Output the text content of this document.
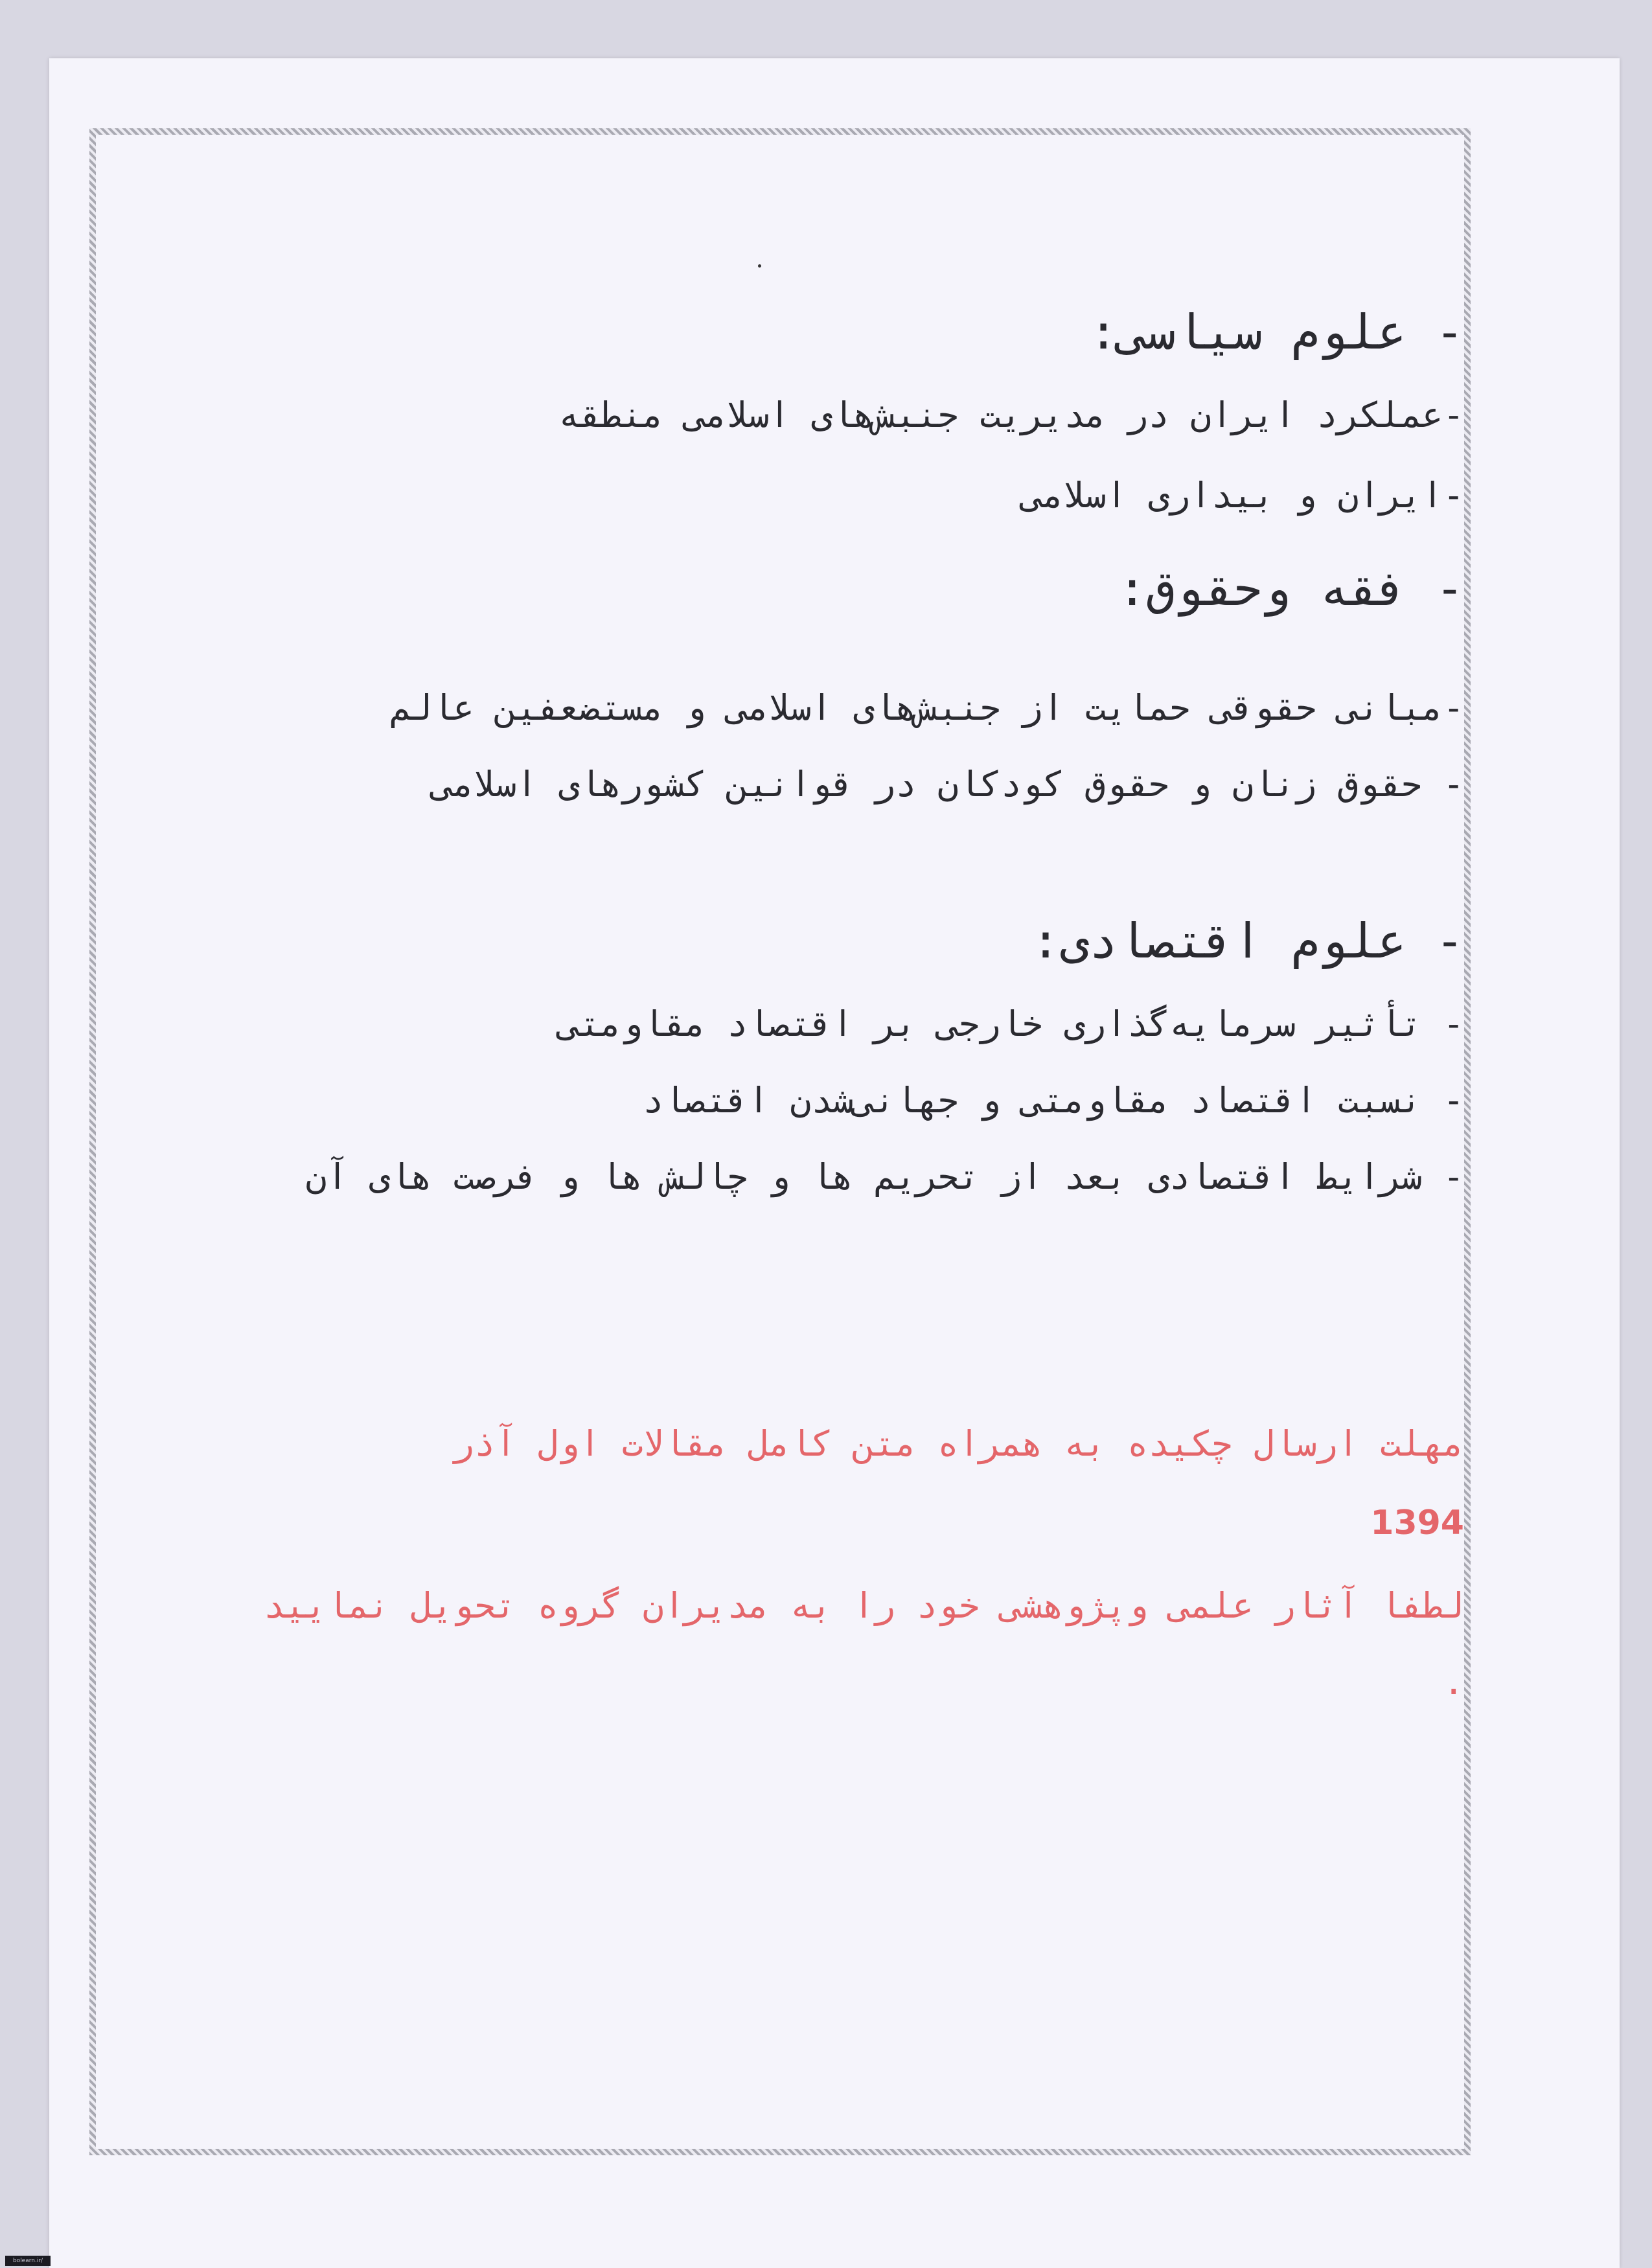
- علوم سیاسی:
-عملکرد ایران در مدیریت جنبش‌های اسلامی منطقه
-ایران و بیداری اسلامی
- فقه وحقوق:
-مبانی حقوقی حمایت از جنبش‌های اسلامی و مستضعفین عالم
- حقوق زنان و حقوق کودکان در قوانین کشورهای اسلامی
- علوم اقتصادی:
- تأثیر سرمایه‌گذاری خارجی بر اقتصاد مقاومتی
- نسبت اقتصاد مقاومتی و جهانی‌شدن اقتصاد
- شرایط اقتصادی بعد از تحریم ها و چالش ها و فرصت های آن
مهلت ارسال چکیده به همراه متن کامل مقالات اول آذر
1394
لطفا آثار علمی وپژوهشی خود را به مدیران گروه تحویل نمایید .
bolearn.ir/
